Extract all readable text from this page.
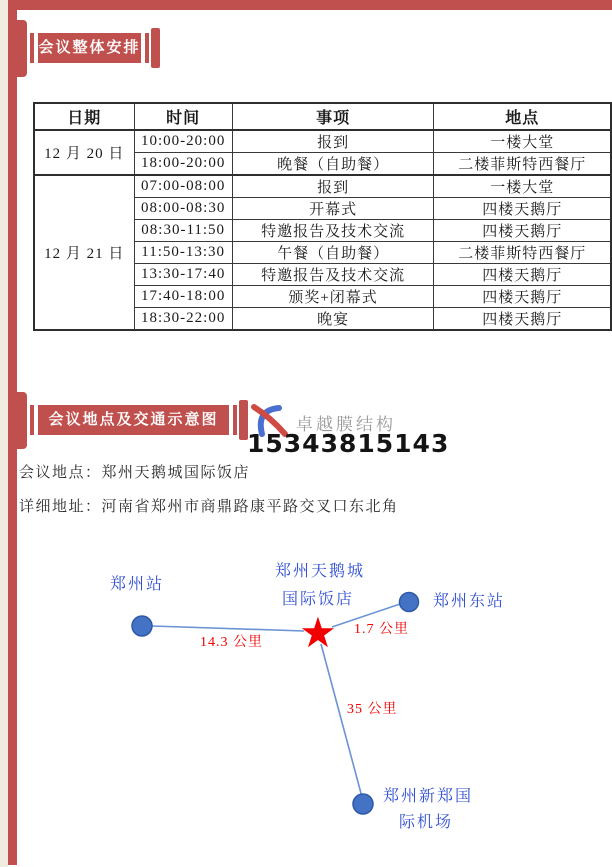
会议整体安排
日期	时间	事项	地点
12 月 20 日	10:00-20:00	报到	一楼大堂
	18:00-20:00	晚餐（自助餐）	二楼菲斯特西餐厅
12 月 21 日	07:00-08:00	报到	一楼大堂
	08:00-08:30	开幕式	四楼天鹅厅
	08:30-11:50	特邀报告及技术交流	四楼天鹅厅
	11:50-13:30	午餐（自助餐）	二楼菲斯特西餐厅
	13:30-17:40	特邀报告及技术交流	四楼天鹅厅
	17:40-18:00	颁奖+闭幕式	四楼天鹅厅
	18:30-22:00	晚宴	四楼天鹅厅
会议地点及交通示意图	卓越膜结构
15343815143
会议地点：郑州天鹅城国际饭店
详细地址：河南省郑州市商鼎路康平路交叉口东北角
★
郑州站
郑州天鹅城
国际饭店	郑州东站
郑州新郑国
际机场
14.3 公里
1.7 公里
35 公里
